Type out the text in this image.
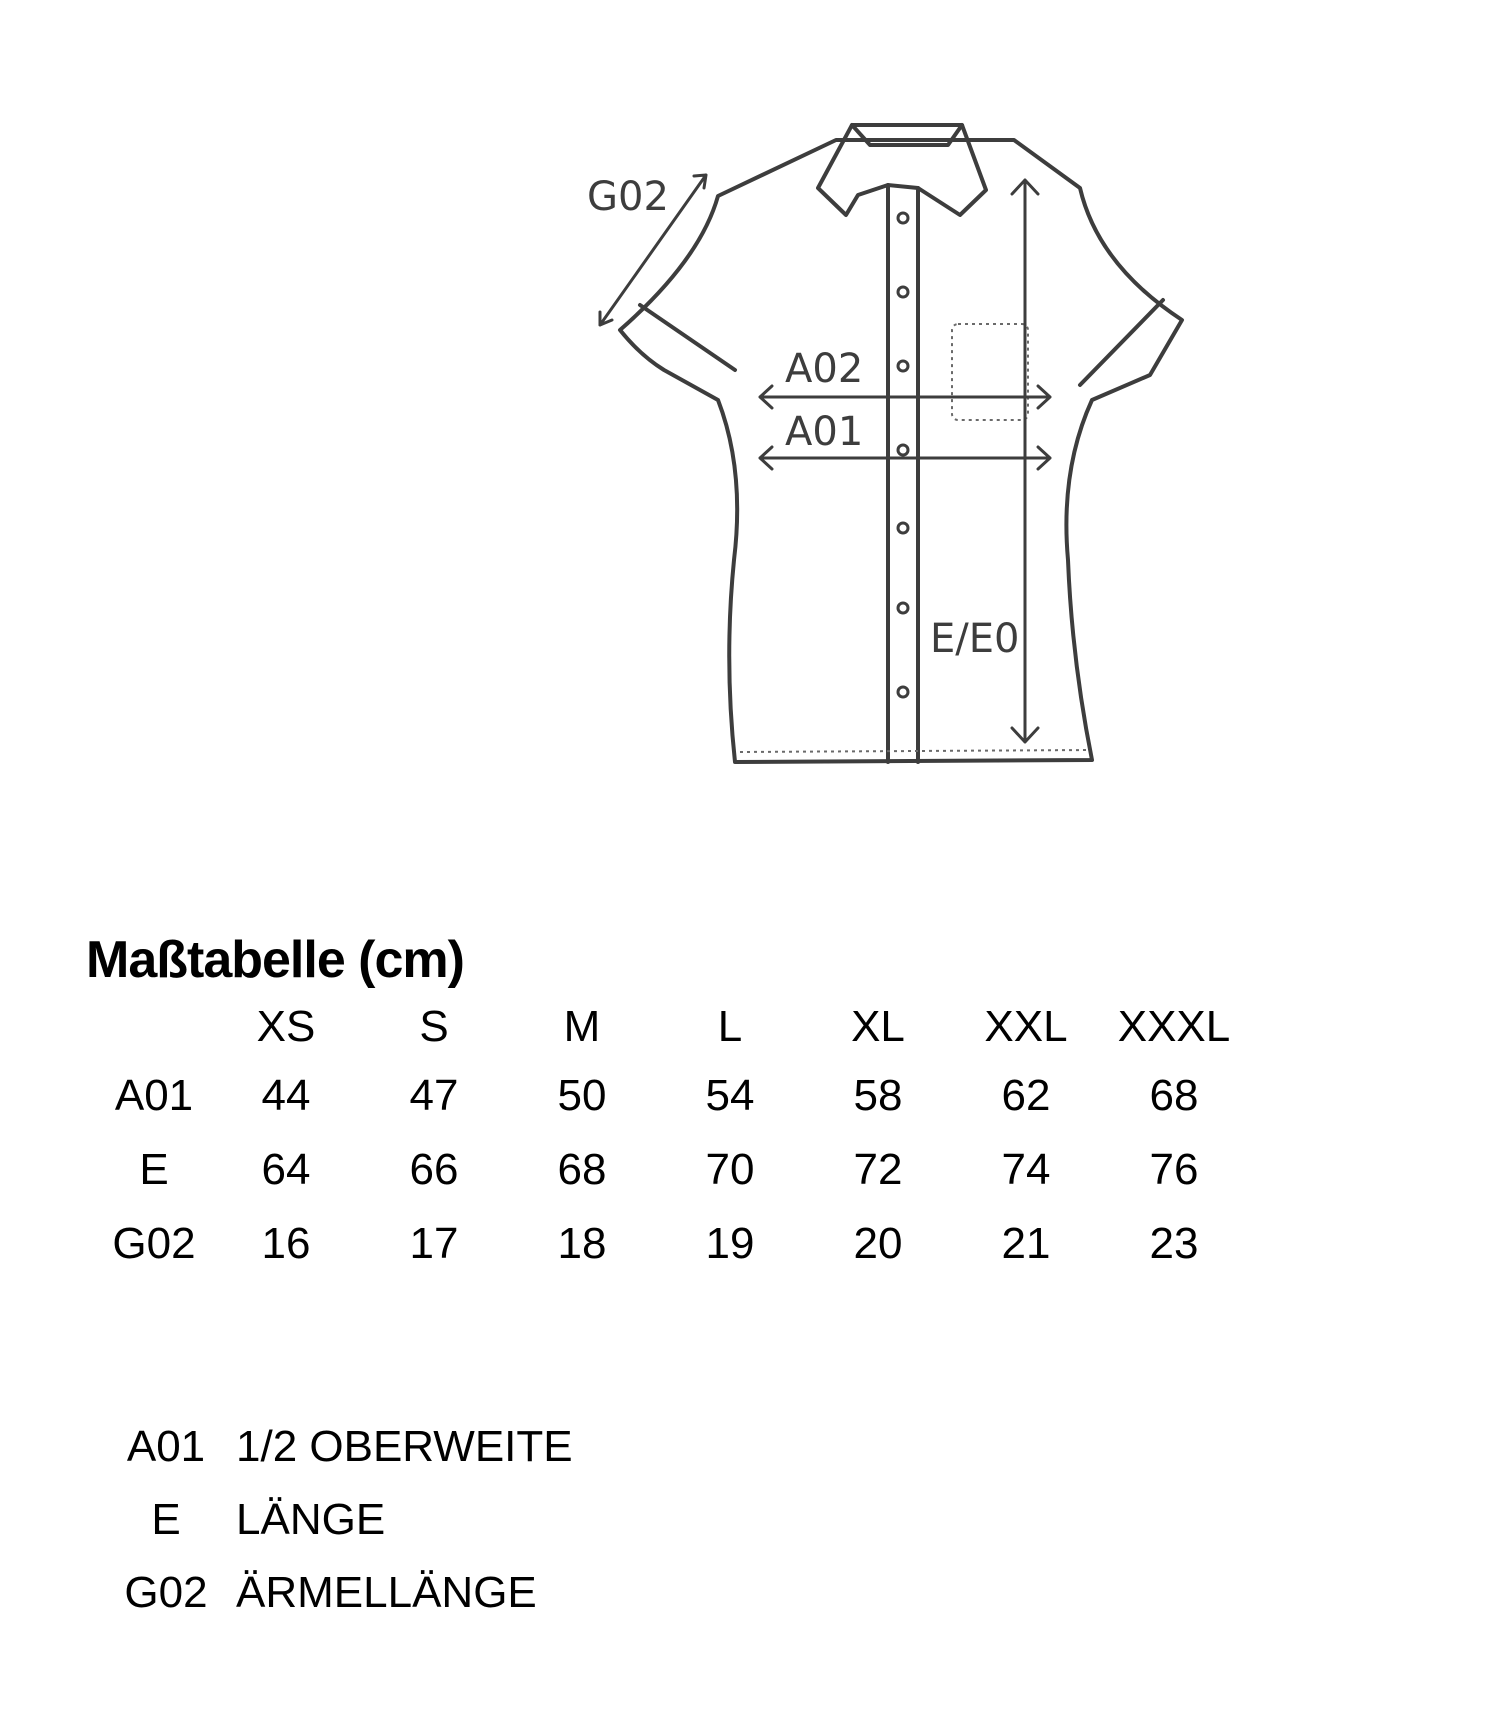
G02
A02
A01
E/E0
Maßtabelle (cm)
	XS	S	M	L	XL	XXL	XXXL
A01	44	47	50	54	58	62	68
E	64	66	68	70	72	74	76
G02	16	17	18	19	20	21	23
A01 1/2 OBERWEITE
E	LÄNGE
G02 ÄRMELLÄNGE
